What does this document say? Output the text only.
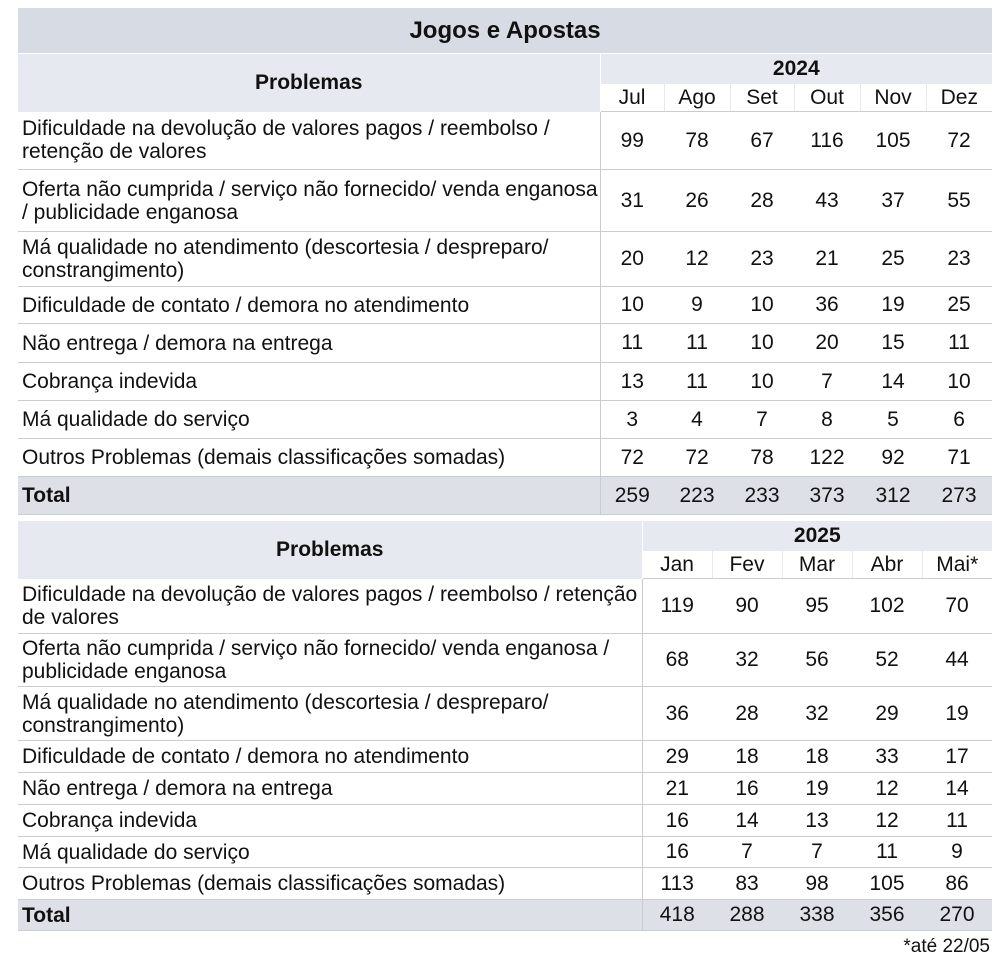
Jogos e Apostas						
Problemas	2024					
	Jul	Ago	Set	Out	Nov	Dez
Dificuldade na devolução de valores pagos / reembolso / retenção de valores	99	78	67	116	105	72
Oferta não cumprida / serviço não fornecido/ venda enganosa / publicidade enganosa	31	26	28	43	37	55
Má qualidade no atendimento (descortesia / despreparo/ constrangimento)	20	12	23	21	25	23
Dificuldade de contato / demora no atendimento	10	9	10	36	19	25
Não entrega / demora na entrega	11	11	10	20	15	11
Cobrança indevida	13	11	10	7	14	10
Má qualidade do serviço	3	4	7	8	5	6
Outros Problemas (demais classificações somadas)	72	72	78	122	92	71
Total	259	223	233	373	312	273
Problemas	2025				
	Jan	Fev	Mar	Abr	Mai*
Dificuldade na devolução de valores pagos / reembolso / retenção de valores	119	90	95	102	70
Oferta não cumprida / serviço não fornecido/ venda enganosa / publicidade enganosa	68	32	56	52	44
Má qualidade no atendimento (descortesia / despreparo/ constrangimento)	36	28	32	29	19
Dificuldade de contato / demora no atendimento	29	18	18	33	17
Não entrega / demora na entrega	21	16	19	12	14
Cobrança indevida	16	14	13	12	11
Má qualidade do serviço	16	7	7	11	9
Outros Problemas (demais classificações somadas)	113	83	98	105	86
Total	418	288	338	356	270
*até 22/05
